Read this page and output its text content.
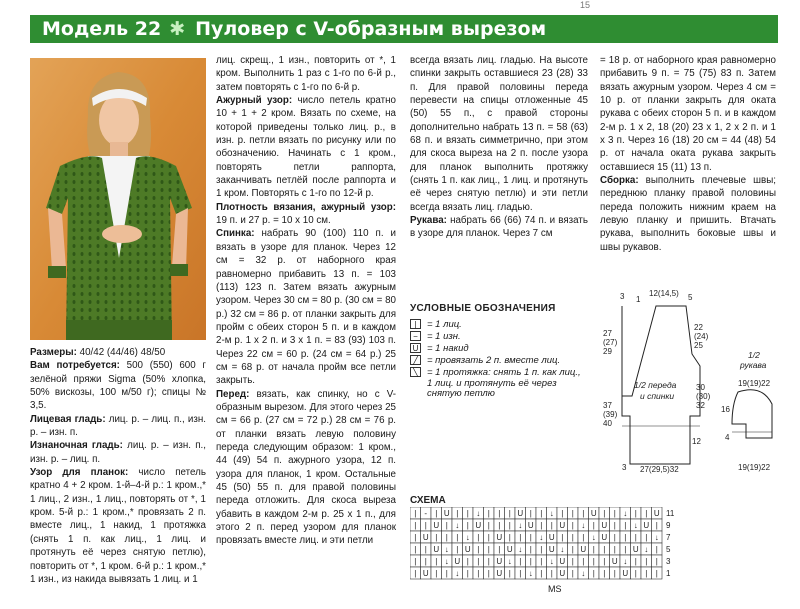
15
Модель 22 ✱ Пуловер с V-образным вырезом

Размеры: 40/42 (44/46) 48/50

Вам потребуется: 500 (550) 600 г зелёной пряжи Sigma (50% хлопка, 50% вискозы, 100 м/50 г); спицы № 3,5.

Лицевая гладь: лиц. р. – лиц. п., изн. р. – изн. п.

Изнаночная гладь: лиц. р. – изн. п., изн. р. – лиц. п.

Узор для планок: число петель кратно 4 + 2 кром. 1-й–4-й р.: 1 кром.,* 1 лиц., 2 изн., 1 лиц., повторять от *, 1 кром. 5-й р.: 1 кром.,* провязать 2 п. вместе лиц., 1 накид, 1 протяжка (снять 1 п. как лиц., 1 лиц. и протянуть её через снятую петлю), повторить от *, 1 кром. 6-й р.: 1 кром.,* 1 изн., из накида вывязать 1 лиц. и 1

лиц. скрещ., 1 изн., повторить от *, 1 кром. Выполнить 1 раз с 1-го по 6-й р., затем повторять с 1-го по 6-й р.

Ажурный узор: число петель кратно 10 + 1 + 2 кром. Вязать по схеме, на которой приведены только лиц. р., в изн. р. петли вязать по рисунку или по обозначению. Начинать с 1 кром., повторять петли раппорта, заканчивать петлёй после раппорта и 1 кром. Повторять с 1-го по 12-й р.

Плотность вязания, ажурный узор: 19 п. и 27 р. = 10 х 10 см.

Спинка: набрать 90 (100) 110 п. и вязать в узоре для планок. Через 12 см = 32 р. от наборного края равномерно прибавить 13 п. = 103 (113) 123 п. Затем вязать ажурным узором. Через 30 см = 80 р. (30 см = 80 р.) 32 см = 86 р. от планки закрыть для пройм с обеих сторон 5 п. и в каждом 2-м р. 1 х 2 п. и 3 х 1 п. = 83 (93) 103 п. Через 22 см = 60 р. (24 см = 64 р.) 25 см = 68 р. от начала пройм все петли закрыть.

Перед: вязать, как спинку, но с V-образным вырезом. Для этого через 25 см = 66 р. (27 см = 72 р.) 28 см = 76 р. от планки вязать левую половину переда следующим образом: 1 кром., 44 (49) 54 п. ажурного узора, 12 п. узора для планок, 1 кром. Остальные 45 (50) 55 п. для правой половины переда отложить. Для скоса выреза убавить в каждом 2-м р. 25 х 1 п., для этого 2 п. перед узором для планок провязать вместе лиц. и эти петли

всегда вязать лиц. гладью. На высоте спинки закрыть оставшиеся 23 (28) 33 п. Для правой половины переда перевести на спицы отложенные 45 (50) 55 п., с правой стороны дополнительно набрать 13 п. = 58 (63) 68 п. и вязать симметрично, при этом для скоса выреза на 2 п. после узора для планок выполнить протяжку (снять 1 п. как лиц., 1 лиц. и протянуть её через снятую петлю) и эти петли всегда вязать лиц. гладью.

Рукава: набрать 66 (66) 74 п. и вязать в узоре для планок. Через 7 см

= 18 р. от наборного края равномерно прибавить 9 п. = 75 (75) 83 п. Затем вязать ажурным узором. Через 4 см = 10 р. от планки закрыть для оката рукава с обеих сторон 5 п. и в каждом 2-м р. 1 х 2, 18 (20) 23 х 1, 2 х 2 п. и 1 х 3 п. Через 16 (18) 20 см = 44 (48) 54 р. от начала оката рукава закрыть оставшиеся 15 (11) 13 п.

Сборка: выполнить плечевые швы; переднюю планку правой половины переда положить нижним краем на левую планку и пришить. Втачать рукава, выполнить боковые швы и швы рукавов.

УСЛОВНЫЕ ОБОЗНАЧЕНИЯ
|	= 1 лиц.
− = 1 изн.
U = 1 накид
╱ = провязать 2 п. вместе лиц.
╲ = 1 протяжка: снять 1 п. как лиц.,
1 лиц. и протянуть её через
снятую петлю
3	12(14,5) 5
1
27
(27)
29
37
(39)
40
3
22
(24)
25
30
(30)
32
12
27(29,5)32
1/2 переда
и спинки
1/2
рукава
19(19)22
16
4
19(19)22
СХЕМА
| - | U | | ↓ | | | U | | ↓ | | | U | | ↓ | | U
| | U | ↓ | U | | | ↓ U | | U | ↓ | U | | ↓ U |
| U | | | ↓ | | U | | | ↓ U | | | ↓ U | | | | ↓
| | U ↓ | U | | | U ↓ | | U ↓ | U | | | | U ↓ |
| | | ↓ U | | | U ↓ | | | ↓ U | | | | U ↓ | | |
| U | | ↓ | | | U | | ↓ | | U | ↓ | | | U | | |
11
9
7
5
3
1
MS
